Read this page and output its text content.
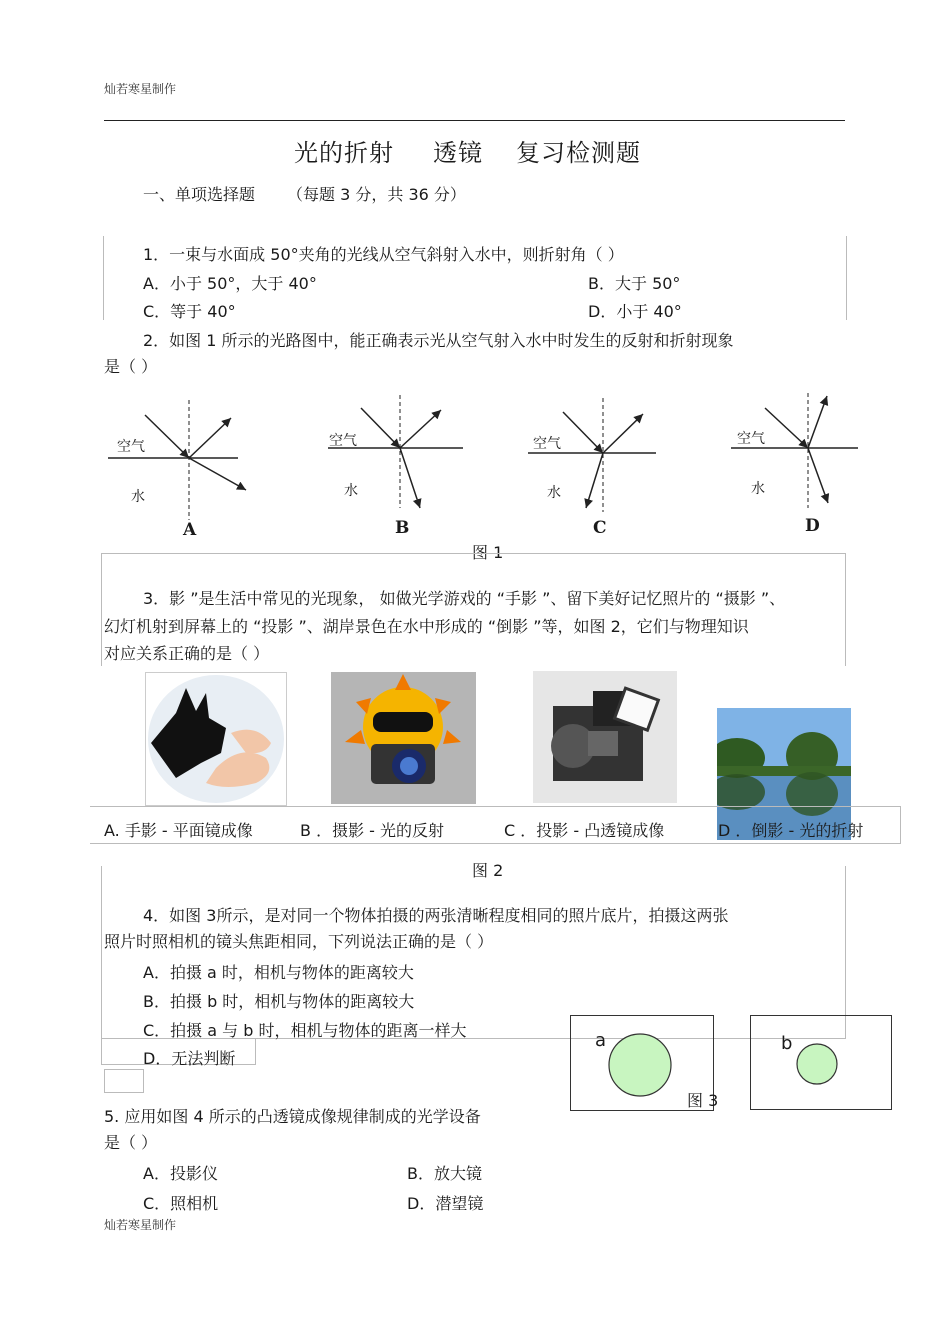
灿若寒星制作
光的折射 透镜 复习检测题
一、单项选择题 （每题 3 分，共 36 分）
1．一束与水面成 50°夹角的光线从空气斜射入水中，则折射角（ ）
A．小于 50°，大于 40°	B．大于 50°
C．等于 40°	D．小于 40°
2．如图 1 所示的光路图中，能正确表示光从空气射入水中时发生的反射和折射现象
是（ ）
空气
水
A
空气
水
B
空气
水
C
空气
水
D
图 1
3．影 ”是生活中常见的光现象， 如做光学游戏的 “手影 ”、留下美好记忆照片的 “摄影 ”、
幻灯机射到屏幕上的 “投影 ”、湖岸景色在水中形成的 “倒影 ”等，如图 2，它们与物理知识
对应关系正确的是（ ）
A. 手影 - 平面镜成像	B ．摄影 - 光的反射	C ．投影 - 凸透镜成像	D ．倒影 - 光的折射
图 2
4．如图 3所示，是对同一个物体拍摄的两张清晰程度相同的照片底片，拍摄这两张
照片时照相机的镜头焦距相同，下列说法正确的是（ ）
A．拍摄 a 时，相机与物体的距离较大
B．拍摄 b 时，相机与物体的距离较大
C．拍摄 a 与 b 时，相机与物体的距离一样大
D．无法判断
a	b
图 3
5. 应用如图 4 所示的凸透镜成像规律制成的光学设备
是（ ）
A．投影仪	B．放大镜
C．照相机	D．潜望镜
灿若寒星制作
